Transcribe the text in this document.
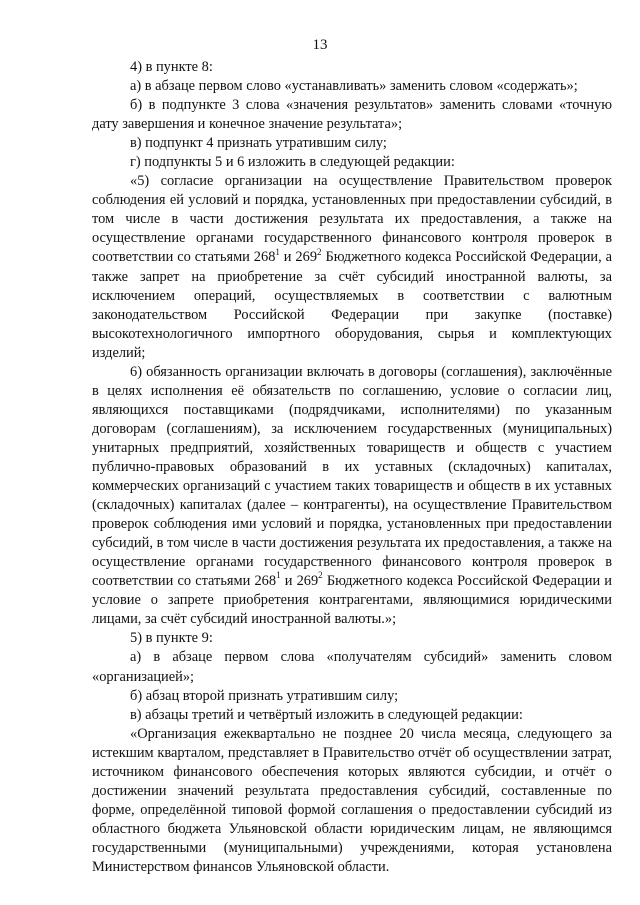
13

4) в пункте 8:

а) в абзаце первом слово «устанавливать» заменить словом «содержать»;

б) в подпункте 3 слова «значения результатов» заменить словами «точную дату завершения и конечное значение результата»;

в) подпункт 4 признать утратившим силу;

г) подпункты 5 и 6 изложить в следующей редакции:

«5) согласие организации на осуществление Правительством проверок соблюдения ей условий и порядка, установленных при предоставлении субсидий, в том числе в части достижения результата их предоставления, а также на осуществление органами государственного финансового контроля проверок в соответствии со статьями $268^1$ и $269^2$ Бюджетного кодекса Российской Федерации, а также запрет на приобретение за счёт субсидий иностранной валюты, за исключением операций, осуществляемых в соответствии с валютным законодательством Российской Федерации при закупке (поставке) высокотехнологичного импортного оборудования, сырья и комплектующих изделий;

6) обязанность организации включать в договоры (соглашения), заключённые в целях исполнения её обязательств по соглашению, условие о согласии лиц, являющихся поставщиками (подрядчиками, исполнителями) по указанным договорам (соглашениям), за исключением государственных (муниципальных) унитарных предприятий, хозяйственных товариществ и обществ с участием публично-правовых образований в их уставных (складочных) капиталах, коммерческих организаций с участием таких товариществ и обществ в их уставных (складочных) капиталах (далее – контрагенты), на осуществление Правительством проверок соблюдения ими условий и порядка, установленных при предоставлении субсидий, в том числе в части достижения результата их предоставления, а также на осуществление органами государственного финансового контроля проверок в соответствии со статьями $268^1$ и $269^2$ Бюджетного кодекса Российской Федерации и условие о запрете приобретения контрагентами, являющимися юридическими лицами, за счёт субсидий иностранной валюты.»;

5) в пункте 9:

а) в абзаце первом слова «получателям субсидий» заменить словом «организацией»;

б) абзац второй признать утратившим силу;

в) абзацы третий и четвёртый изложить в следующей редакции:

«Организация ежеквартально не позднее 20 числа месяца, следующего за истекшим кварталом, представляет в Правительство отчёт об осуществлении затрат, источником финансового обеспечения которых являются субсидии, и отчёт о достижении значений результата предоставления субсидий, составленные по форме, определённой типовой формой соглашения о предоставлении субсидий из областного бюджета Ульяновской области юридическим лицам, не являющимся государственными (муниципальными) учреждениями, которая установлена Министерством финансов Ульяновской области.
